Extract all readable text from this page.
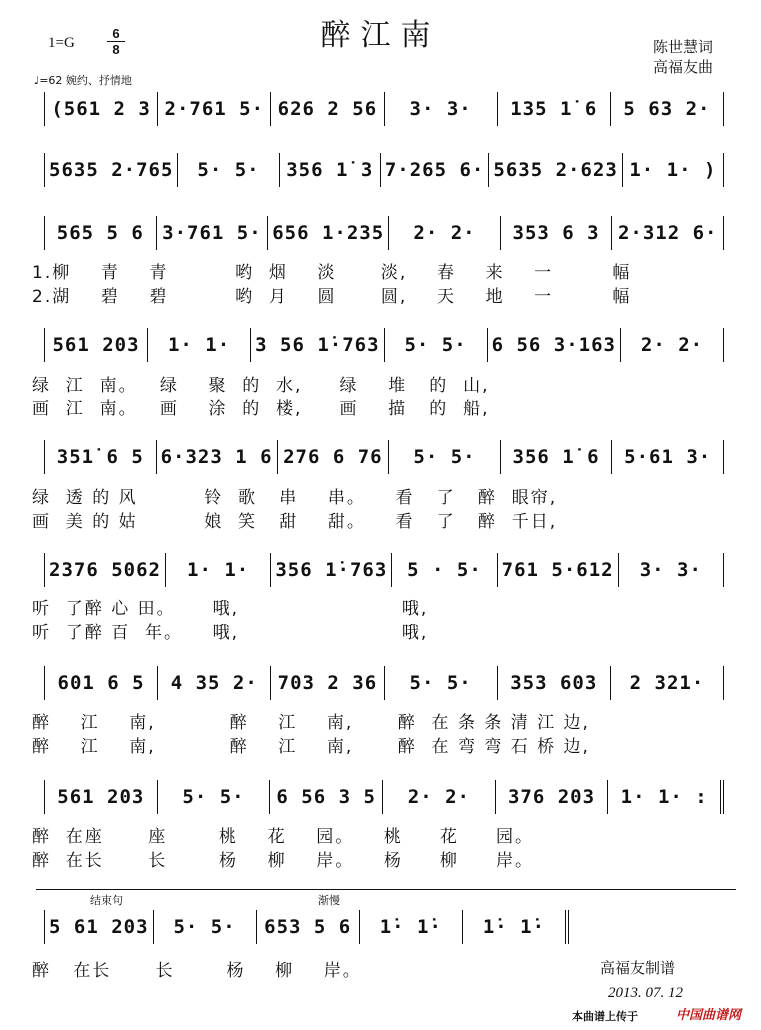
醉江南
1=G
6
8
♩=62 婉约、抒情地
陈世慧词
高福友曲
(561 2 3 2·761 5· 626 2 56	3· 3·	135 1̇ 6	5 63 2·
5635 2·765	5· 5·	356 1̇ 3 7·265 6· 5635 2·623 1· 1· )
565 5 6 3·761 5· 656 1·235	2· 2·	353 6 3 2·312 6·
1.柳    青    青         哟  烟    淡      淡,    春    来    一        幅
2.湖    碧    碧         哟  月    圆      圆,    天    地    一        幅
561 203	1· 1·	3 56 1̇·763	5· 5·	6 56 3·163	2· 2·
绿  江  南。   绿    聚  的  水,     绿    堆   的  山,
画  江  南。   画    涂  的  楼,     画    描   的  船,
351̇ 6 5 6·323 1 6 276 6 76	5· 5·	356 1̇ 6	5·61 3·
绿  透 的 风         铃  歌   串    串。    看   了   醉  眼帘,
画  美 的 姑         娘  笑   甜    甜。    看   了   醉  千日,
2376 5062	1· 1·	356 1̇·763	5 · 5·	761 5·612	3· 3·
听  了醉 心 田。     哦,                      哦,
听  了醉 百  年。    哦,                      哦,
601 6 5	4 35 2·	703 2 36	5· 5·	353 603	2 321·
醉    江    南,          醉    江    南,      醉  在 条 条 清 江 边,
醉    江    南,          醉    江    南,      醉  在 弯 弯 石 桥 边,
561 203	5· 5·	6 56 3 5	2· 2·	376 203	1· 1· :
醉  在座      座       桃    花    园。    桃     花     园。
醉  在长      长       杨    柳    岸。    杨     柳     岸。
结束句	渐慢
5 61 203	5· 5·	653 5 6	1̇· 1̇·	1̇· 1̇·
醉   在长      长       杨    柳    岸。	高福友制谱
2013. 07. 12
本曲谱上传于	中国曲谱网
